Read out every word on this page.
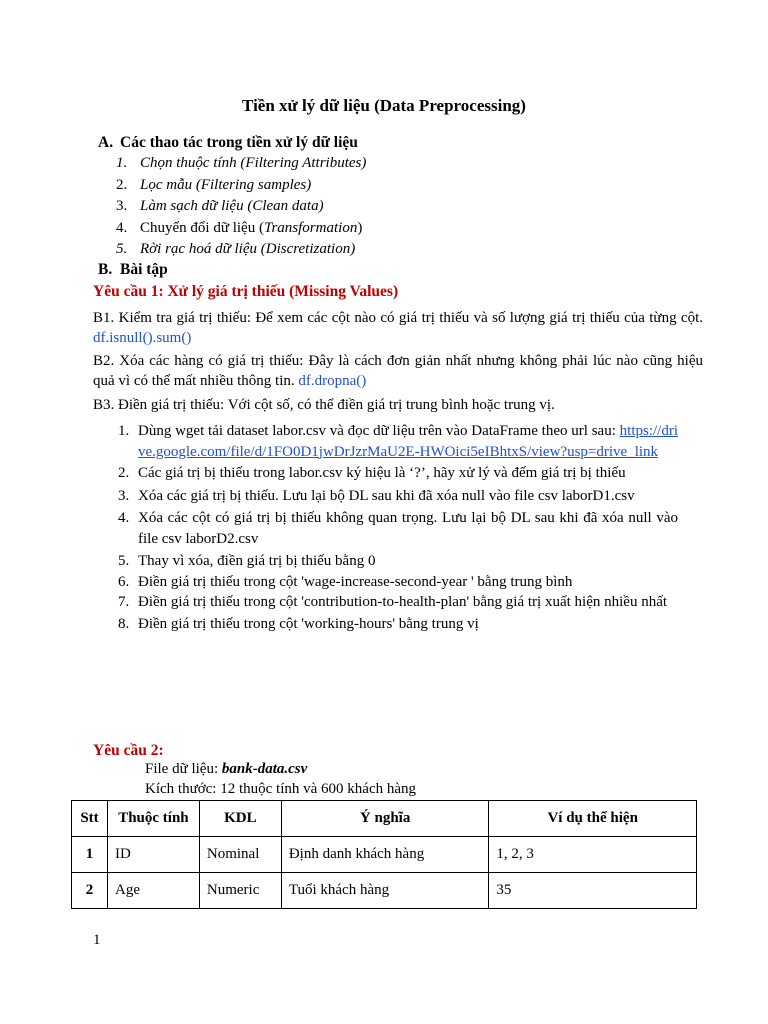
Tiền xử lý dữ liệu (Data Preprocessing)
A. Các thao tác trong tiền xử lý dữ liệu
1. Chọn thuộc tính (Filtering Attributes)
2. Lọc mẫu (Filtering samples)
3. Làm sạch dữ liệu (Clean data)
4. Chuyển đổi dữ liệu (Transformation)
5. Rời rạc hoá dữ liệu (Discretization)
B. Bài tập
Yêu cầu 1: Xử lý giá trị thiếu (Missing Values)
B1. Kiểm tra giá trị thiếu: Để xem các cột nào có giá trị thiếu và số lượng giá trị thiếu của từng cột. df.isnull().sum()
B2. Xóa các hàng có giá trị thiếu: Đây là cách đơn giản nhất nhưng không phải lúc nào cũng hiệu quả vì có thể mất nhiều thông tin. df.dropna()
B3. Điền giá trị thiếu: Với cột số, có thể điền giá trị trung bình hoặc trung vị.
1. Dùng wget tải dataset labor.csv và đọc dữ liệu trên vào DataFrame theo url sau: https://drive.google.com/file/d/1FO0D1jwDrJzrMaU2E-HWOici5eIBhtxS/view?usp=drive_link
2. Các giá trị bị thiếu trong labor.csv ký hiệu là ‘?’, hãy xử lý và đếm giá trị bị thiếu
3. Xóa các giá trị bị thiếu. Lưu lại bộ DL sau khi đã xóa null vào file csv laborD1.csv
4. Xóa các cột có giá trị bị thiếu không quan trọng. Lưu lại bộ DL sau khi đã xóa null vào file csv laborD2.csv
5. Thay vì xóa, điền giá trị bị thiếu bằng 0
6. Điền giá trị thiếu trong cột 'wage-increase-second-year ' bằng trung bình
7. Điền giá trị thiếu trong cột 'contribution-to-health-plan' bằng giá trị xuất hiện nhiều nhất
8. Điền giá trị thiếu trong cột 'working-hours' bằng trung vị
Yêu cầu 2:
File dữ liệu: bank-data.csv
Kích thước: 12 thuộc tính và 600 khách hàng
Stt	Thuộc tính	KDL	Ý nghĩa	Ví dụ thể hiện
1	ID	Nominal	Định danh khách hàng	1, 2, 3
2	Age	Numeric	Tuổi khách hàng	35
1
